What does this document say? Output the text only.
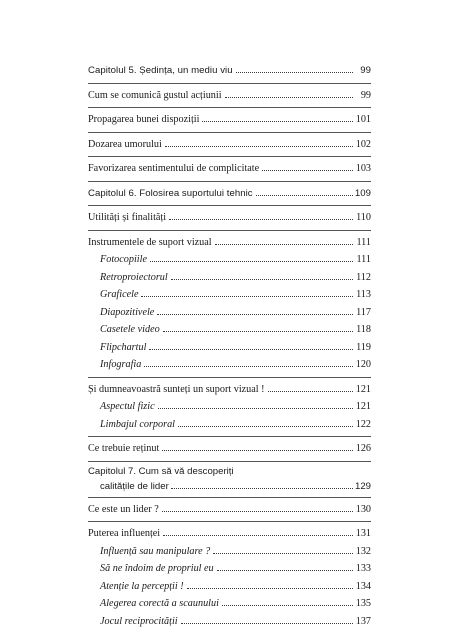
Capitolul 5. Ședința, un mediu viu	99
Cum se comunică gustul acțiunii	99
Propagarea bunei dispoziții	101
Dozarea umorului	102
Favorizarea sentimentului de complicitate	103
Capitolul 6. Folosirea suportului tehnic	109
Utilități și finalități	110
Instrumentele de suport vizual	111
Fotocopiile	111
Retroproiectorul	112
Graficele	113
Diapozitivele	117
Casetele video	118
Flipchartul	119
Infografia	120
Și dumneavoastră sunteți un suport vizual !	121
Aspectul fizic	121
Limbajul corporal	122
Ce trebuie reținut	126
Capitolul 7. Cum să vă descoperiți
calitățile de lider	129
Ce este un lider ?	130
Puterea influenței	131
Influență sau manipulare ?	132
Să ne îndoim de propriul eu	133
Atenție la percepții !	134
Alegerea corectă a scaunului	135
Jocul reciprocității	137
